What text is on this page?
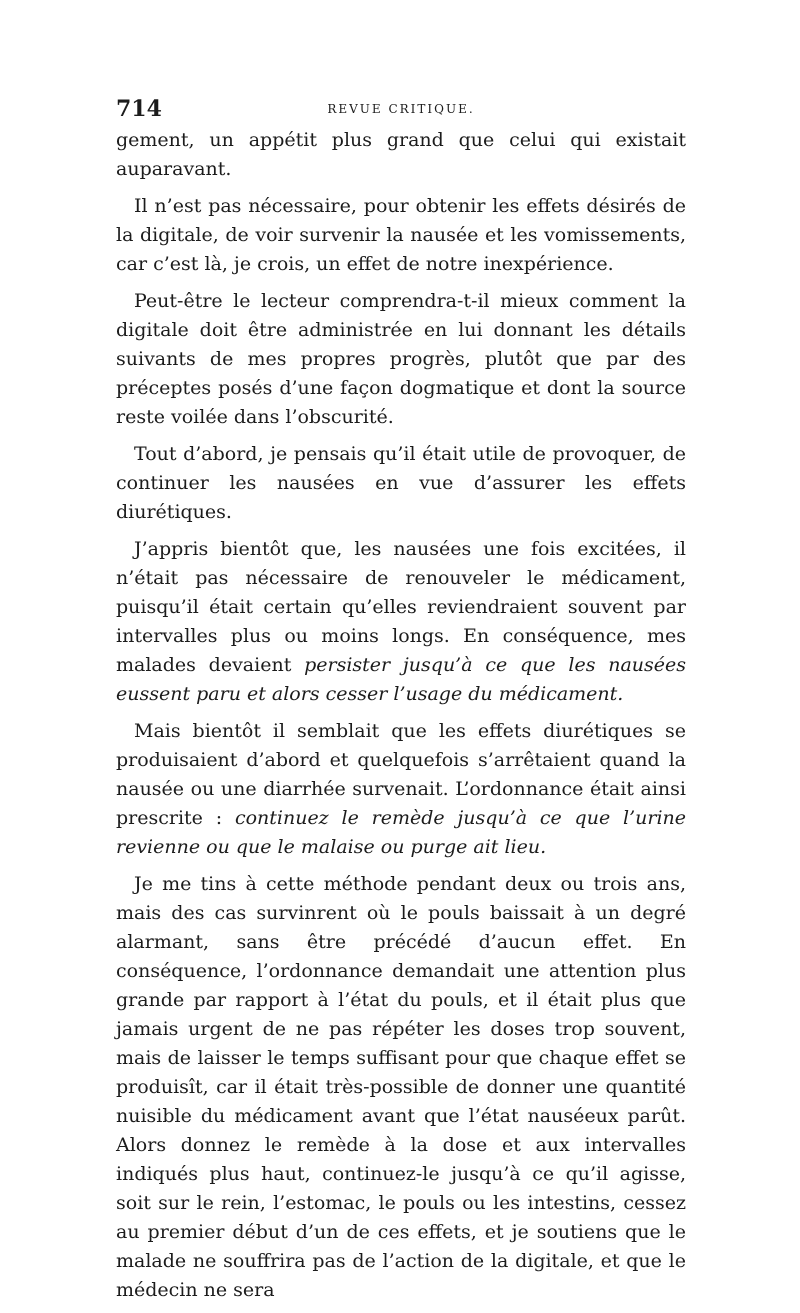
714	REVUE CRITIQUE.

gement, un appétit plus grand que celui qui existait auparavant.

Il n’est pas nécessaire, pour obtenir les effets désirés de la digitale, de voir survenir la nausée et les vomissements, car c’est là, je crois, un effet de notre inexpérience.

Peut-être le lecteur comprendra-t-il mieux comment la digitale doit être administrée en lui donnant les détails suivants de mes propres progrès, plutôt que par des préceptes posés d’une façon dogmatique et dont la source reste voilée dans l’obscurité.

Tout d’abord, je pensais qu’il était utile de provoquer, de continuer les nausées en vue d’assurer les effets diurétiques.

J’appris bientôt que, les nausées une fois excitées, il n’était pas nécessaire de renouveler le médicament, puisqu’il était certain qu’elles reviendraient souvent par intervalles plus ou moins longs. En conséquence, mes malades devaient persister jusqu’à ce que les nausées eussent paru et alors cesser l’usage du médicament.

Mais bientôt il semblait que les effets diurétiques se produisaient d’abord et quelquefois s’arrêtaient quand la nausée ou une diarrhée survenait. L’ordonnance était ainsi prescrite : continuez le remède jusqu’à ce que l’urine revienne ou que le malaise ou purge ait lieu.

Je me tins à cette méthode pendant deux ou trois ans, mais des cas survinrent où le pouls baissait à un degré alarmant, sans être précédé d’aucun effet. En conséquence, l’ordonnance demandait une attention plus grande par rapport à l’état du pouls, et il était plus que jamais urgent de ne pas répéter les doses trop souvent, mais de laisser le temps suffisant pour que chaque effet se produisît, car il était très-possible de donner une quantité nuisible du médicament avant que l’état nauséeux parût. Alors donnez le remède à la dose et aux intervalles indiqués plus haut, continuez-le jusqu’à ce qu’il agisse, soit sur le rein, l’estomac, le pouls ou les intestins, cessez au premier début d’un de ces effets, et je soutiens que le malade ne souffrira pas de l’action de la digitale, et que le médecin ne sera
